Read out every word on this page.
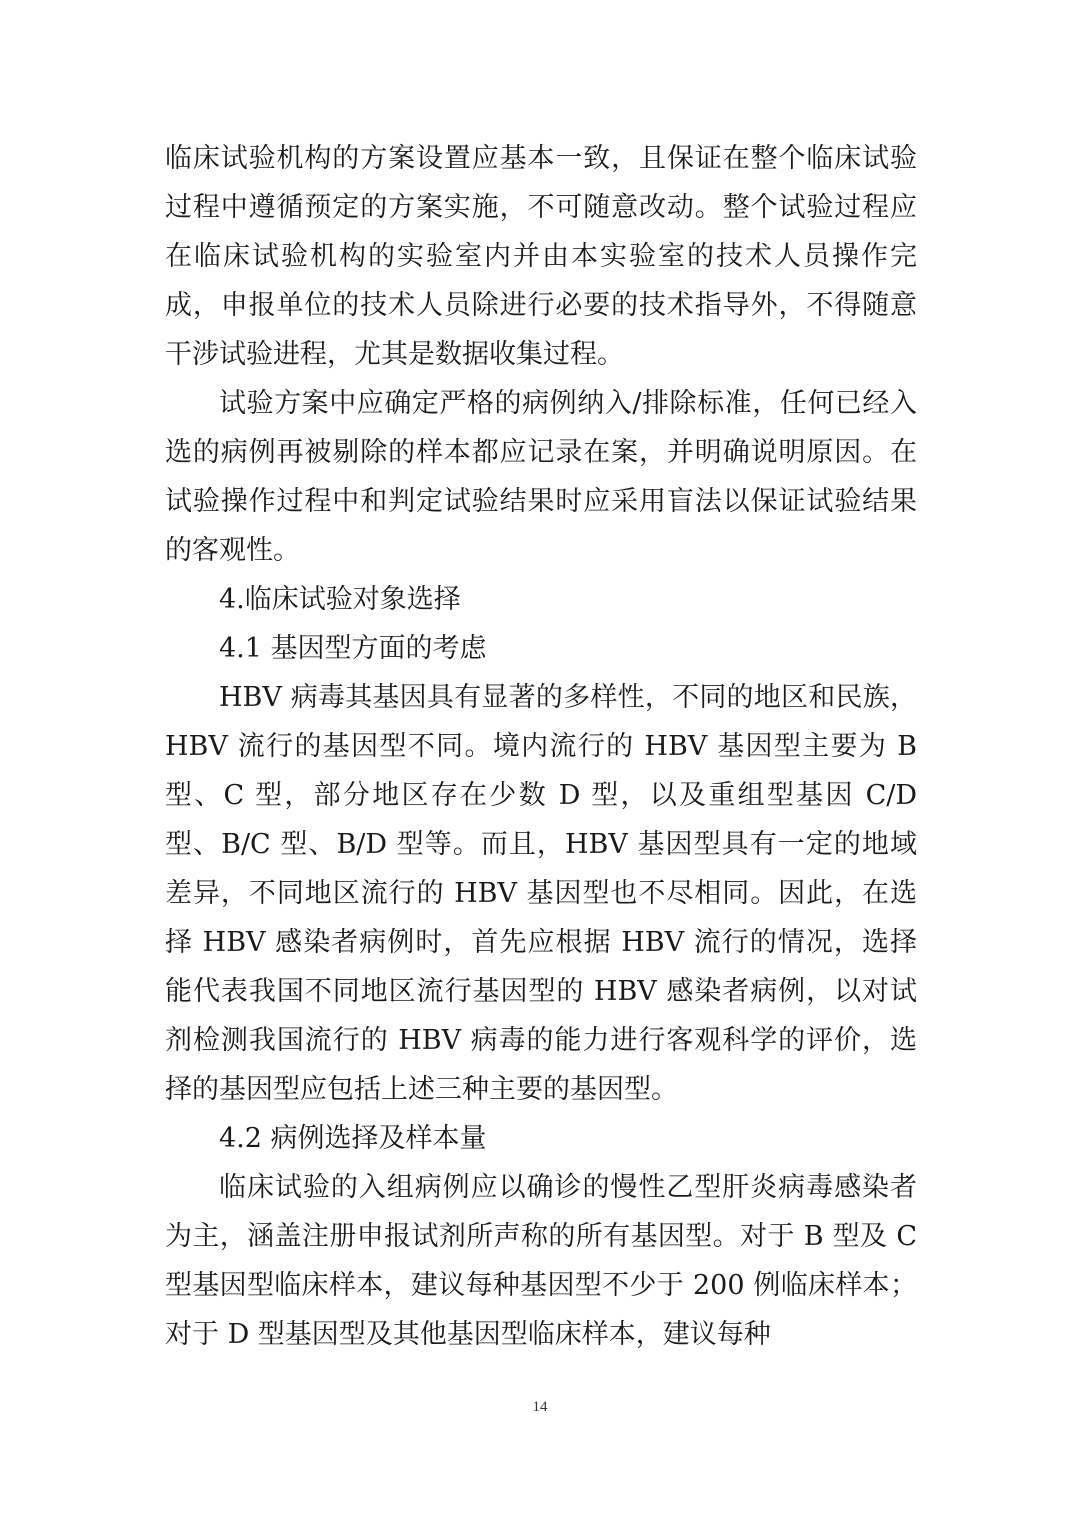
临床试验机构的方案设置应基本一致，且保证在整个临床试验过程中遵循预定的方案实施，不可随意改动。整个试验过程应在临床试验机构的实验室内并由本实验室的技术人员操作完成，申报单位的技术人员除进行必要的技术指导外，不得随意干涉试验进程，尤其是数据收集过程。

试验方案中应确定严格的病例纳入/排除标准，任何已经入选的病例再被剔除的样本都应记录在案，并明确说明原因。在试验操作过程中和判定试验结果时应采用盲法以保证试验结果的客观性。

4.临床试验对象选择

4.1 基因型方面的考虑

HBV 病毒其基因具有显著的多样性，不同的地区和民族，HBV 流行的基因型不同。境内流行的 HBV 基因型主要为 B 型、C 型，部分地区存在少数 D 型，以及重组型基因 C/D 型、B/C 型、B/D 型等。而且，HBV 基因型具有一定的地域差异，不同地区流行的 HBV 基因型也不尽相同。因此，在选择 HBV 感染者病例时，首先应根据 HBV 流行的情况，选择能代表我国不同地区流行基因型的 HBV 感染者病例，以对试剂检测我国流行的 HBV 病毒的能力进行客观科学的评价，选择的基因型应包括上述三种主要的基因型。

4.2 病例选择及样本量

临床试验的入组病例应以确诊的慢性乙型肝炎病毒感染者为主，涵盖注册申报试剂所声称的所有基因型。对于 B 型及 C 型基因型临床样本，建议每种基因型不少于 200 例临床样本；对于 D 型基因型及其他基因型临床样本，建议每种

14
